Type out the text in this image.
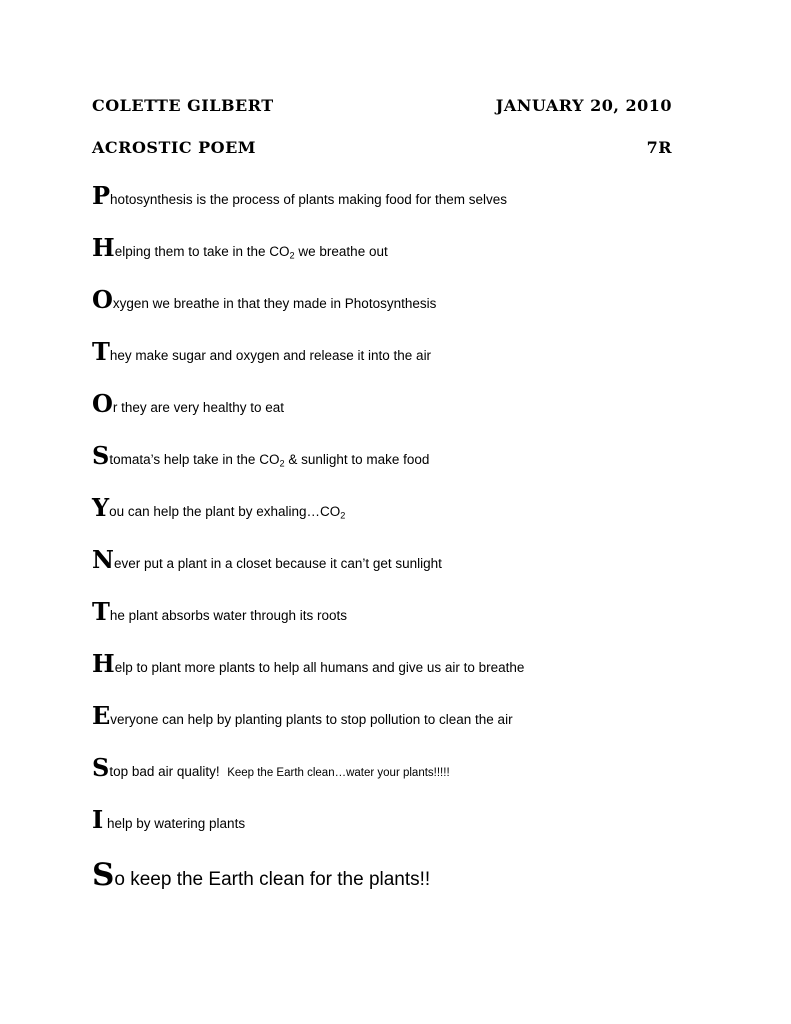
COLETTE GILBERT	JANUARY 20, 2010
ACROSTIC POEM	7R
Photosynthesis is the process of plants making food for them selves
Helping them to take in the $CO_2$ we breathe out
Oxygen we breathe in that they made in Photosynthesis
They make sugar and oxygen and release it into the air
Or they are very healthy to eat
Stomata’s help take in the $CO_2$ & sunlight to make food
You can help the plant by $exhaling\dots CO_2$
Never put a plant in a closet because it can’t get sunlight
The plant absorbs water through its roots
Help to plant more plants to help all humans and give us air to breathe
Everyone can help by planting plants to stop pollution to clean the air
Stop bad air quality! Keep the Earth clean…water your plants!!!!!
I help by watering plants
So keep the Earth clean for the plants!!
